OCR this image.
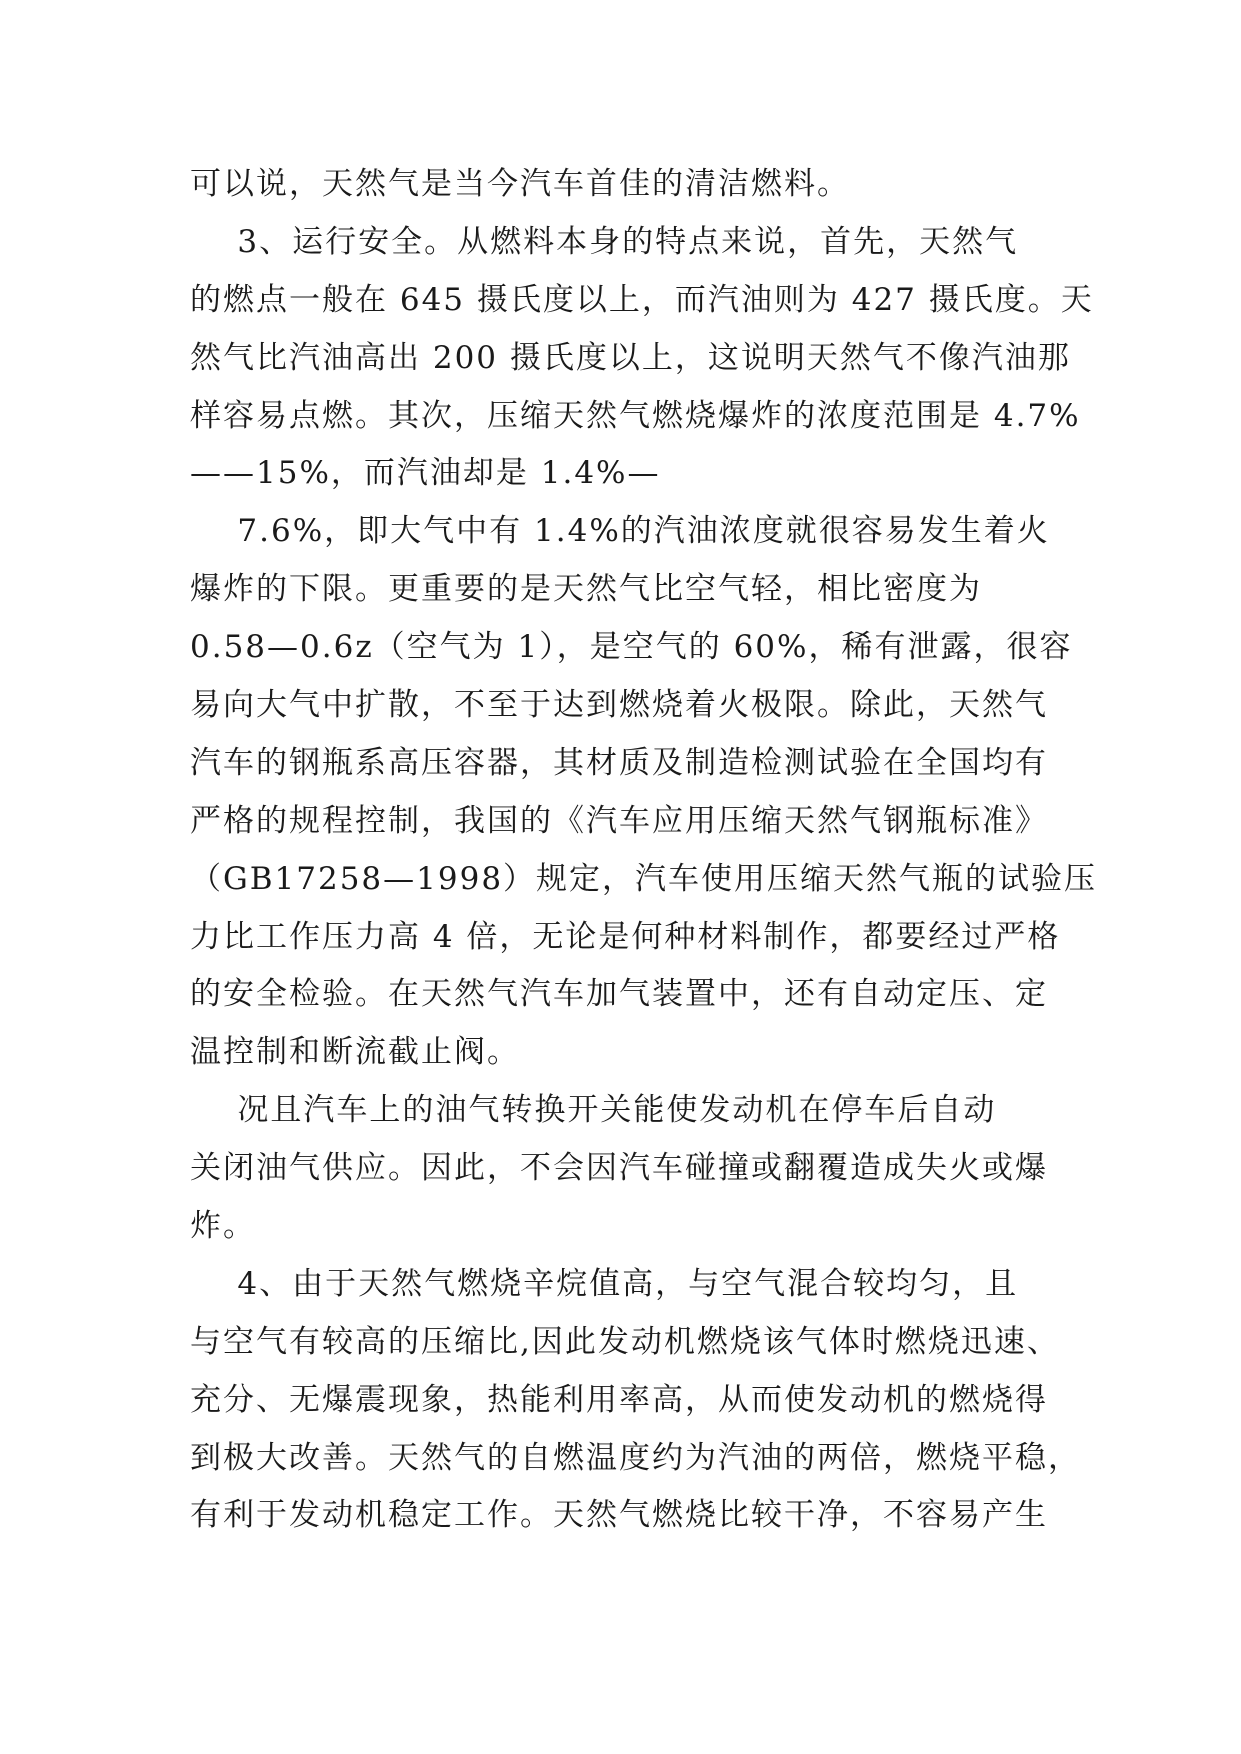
可以说，天然气是当今汽车首佳的清洁燃料。
3、运行安全。从燃料本身的特点来说，首先，天然气
的燃点一般在 645 摄氏度以上，而汽油则为 427 摄氏度。天
然气比汽油高出 200 摄氏度以上，这说明天然气不像汽油那
样容易点燃。其次，压缩天然气燃烧爆炸的浓度范围是 4.7%
——15%，而汽油却是 1.4%—
7.6%，即大气中有 1.4%的汽油浓度就很容易发生着火
爆炸的下限。更重要的是天然气比空气轻，相比密度为
0.58—0.6z（空气为 1），是空气的 60%，稀有泄露，很容
易向大气中扩散，不至于达到燃烧着火极限。除此，天然气
汽车的钢瓶系高压容器，其材质及制造检测试验在全国均有
严格的规程控制，我国的《汽车应用压缩天然气钢瓶标准》
（GB17258—1998）规定，汽车使用压缩天然气瓶的试验压
力比工作压力高 4 倍，无论是何种材料制作，都要经过严格
的安全检验。在天然气汽车加气装置中，还有自动定压、定
温控制和断流截止阀。
况且汽车上的油气转换开关能使发动机在停车后自动
关闭油气供应。因此，不会因汽车碰撞或翻覆造成失火或爆
炸。
4、由于天然气燃烧辛烷值高，与空气混合较均匀，且
与空气有较高的压缩比,因此发动机燃烧该气体时燃烧迅速、
充分、无爆震现象，热能利用率高，从而使发动机的燃烧得
到极大改善。天然气的自燃温度约为汽油的两倍，燃烧平稳，
有利于发动机稳定工作。天然气燃烧比较干净，不容易产生
